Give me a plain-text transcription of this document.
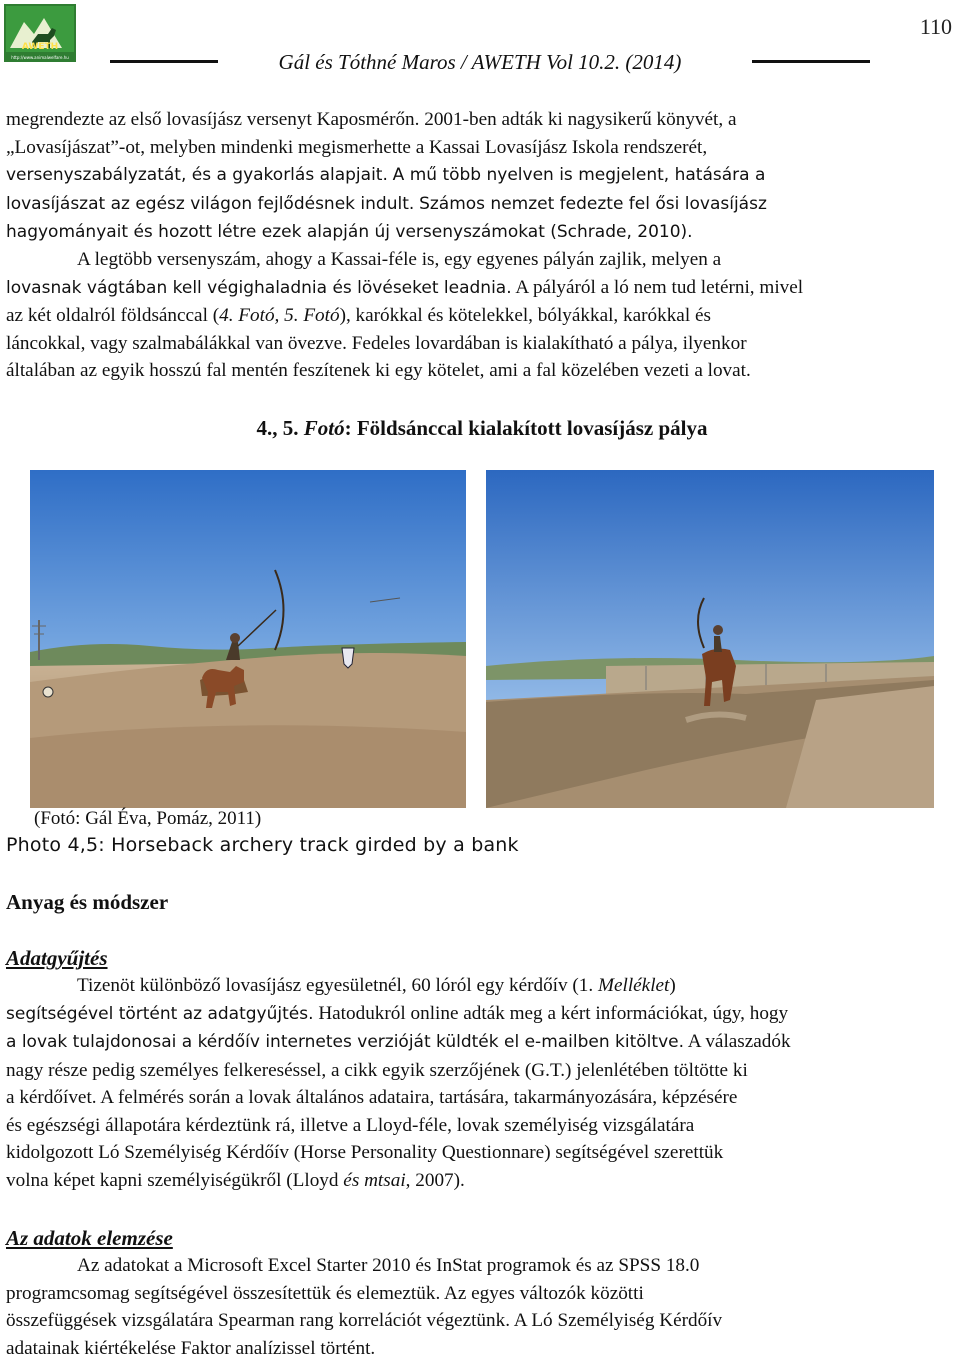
AWETH
http://www.animalwelfare.hu
110
Gál és Tóthné Maros / AWETH Vol 10.2. (2014)
megrendezte az első lovasíjász versenyt Kaposmérőn. 2001-ben adták ki nagysikerű könyvét, a
„Lovasíjászat”-ot, melyben mindenki megismerhette a Kassai Lovasíjász Iskola rendszerét,
versenyszabályzatát, és a gyakorlás alapjait. A mű több nyelven is megjelent, hatására a
lovasíjászat az egész világon fejlődésnek indult. Számos nemzet fedezte fel ősi lovasíjász
hagyományait és hozott létre ezek alapján új versenyszámokat (Schrade, 2010).
A legtöbb versenyszám, ahogy a Kassai-féle is, egy egyenes pályán zajlik, melyen a
lovasnak vágtában kell végighaladnia és lövéseket leadnia. A pályáról a ló nem tud letérni, mivel
az két oldalról földsánccal (4. Fotó, 5. Fotó), karókkal és kötelekkel, bólyákkal, karókkal és
láncokkal, vagy szalmabálákkal van övezve. Fedeles lovardában is kialakítható a pálya, ilyenkor
általában az egyik hosszú fal mentén feszítenek ki egy kötelet, ami a fal közelében vezeti a lovat.
4., 5. Fotó: Földsánccal kialakított lovasíjász pálya
(Fotó: Gál Éva, Pomáz, 2011)
Photo 4,5: Horseback archery track girded by a bank
Anyag és módszer
Adatgyűjtés
Tizenöt különböző lovasíjász egyesületnél, 60 lóról egy kérdőív (1. Melléklet)
segítségével történt az adatgyűjtés. Hatodukról online adták meg a kért információkat, úgy, hogy
a lovak tulajdonosai a kérdőív internetes verzióját küldték el e-mailben kitöltve. A válaszadók
nagy része pedig személyes felkereséssel, a cikk egyik szerzőjének (G.T.) jelenlétében töltötte ki
a kérdőívet. A felmérés során a lovak általános adataira, tartására, takarmányozására, képzésére
és egészségi állapotára kérdeztünk rá, illetve a Lloyd-féle, lovak személyiség vizsgálatára
kidolgozott Ló Személyiség Kérdőív (Horse Personality Questionnare) segítségével szerettük
volna képet kapni személyiségükről (Lloyd és mtsai, 2007).
Az adatok elemzése
Az adatokat a Microsoft Excel Starter 2010 és InStat programok és az SPSS 18.0
programcsomag segítségével összesítettük és elemeztük. Az egyes változók közötti
összefüggések vizsgálatára Spearman rang korrelációt végeztünk. A Ló Személyiség Kérdőív
adatainak kiértékelése Faktor analízissel történt.
